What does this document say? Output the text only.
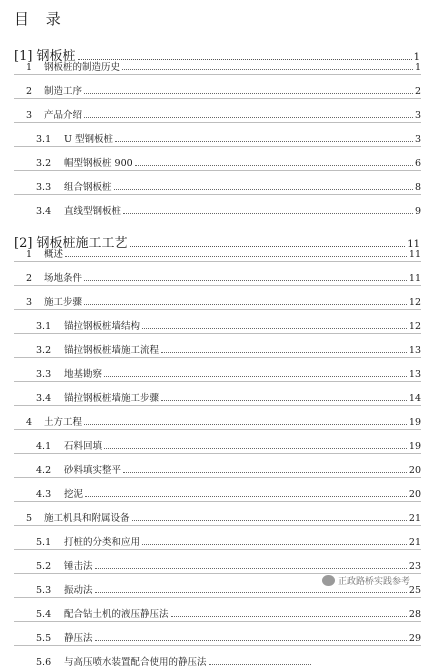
目 录
[1] 钢板桩	1
1	钢板桩的制造历史	1
2	制造工序	2
3	产品介绍	3
3.1	U 型钢板桩	3
3.2	帽型钢板桩 900	6
3.3	组合钢板桩	8
3.4	直线型钢板桩	9
[2] 钢板桩施工工艺	11
1	概述	11
2	场地条件	11
3	施工步骤	12
3.1	锚拉钢板桩墙结构	12
3.2	锚拉钢板桩墙施工流程	13
3.3	地基勘察	13
3.4	锚拉钢板桩墙施工步骤	14
4	土方工程	19
4.1	石料回填	19
4.2	砂料填实整平	20
4.3	挖泥	20
5	施工机具和附属设备	21
5.1	打桩的分类和应用	21
5.2	锤击法	23
5.3	振动法	25
5.4	配合钻土机的液压静压法	28
5.5	静压法	29
5.6	与高压喷水装置配合使用的静压法
正政路桥实践参考
